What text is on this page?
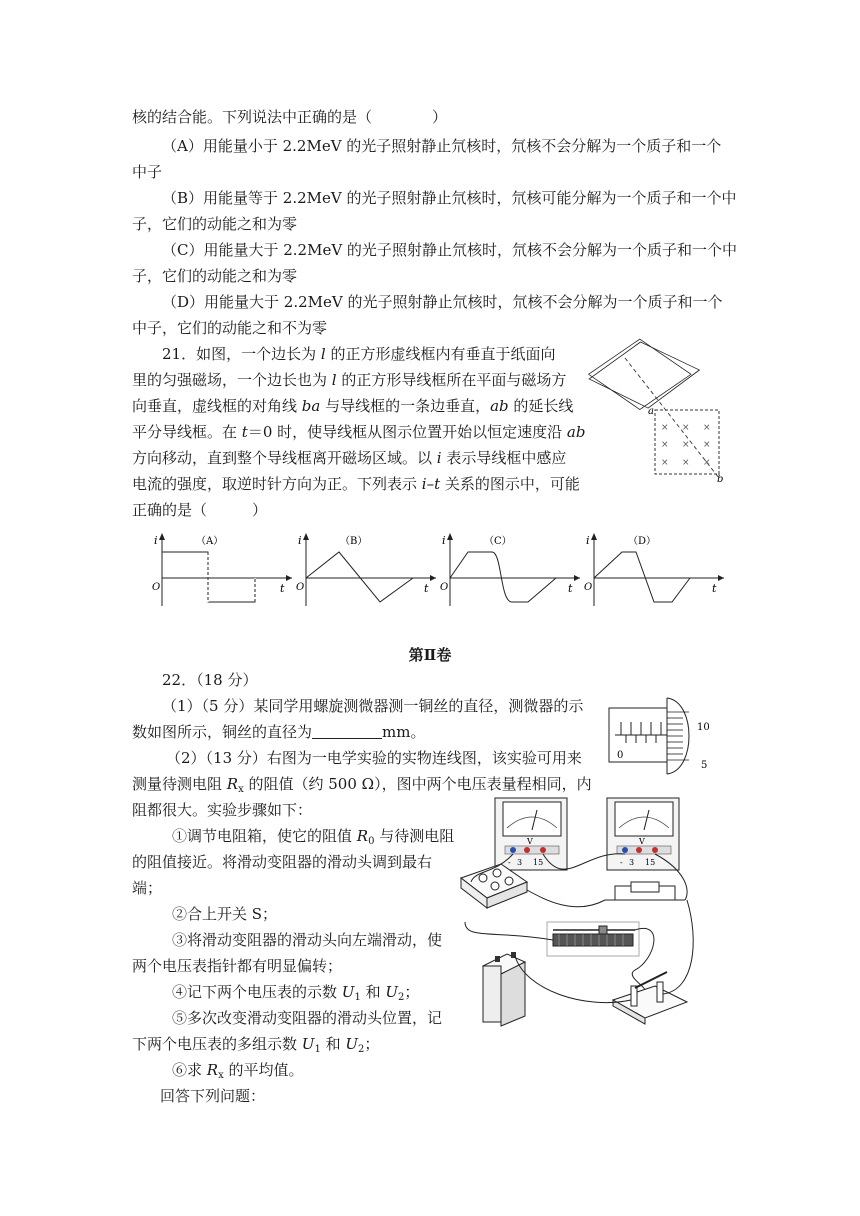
核的结合能。下列说法中正确的是（　　　　）
（A）用能量小于 2.2MeV 的光子照射静止氘核时，氘核不会分解为一个质子和一个
中子
（B）用能量等于 2.2MeV 的光子照射静止氘核时，氘核可能分解为一个质子和一个中
子，它们的动能之和为零
（C）用能量大于 2.2MeV 的光子照射静止氘核时，氘核不会分解为一个质子和一个中
子，它们的动能之和为零
（D）用能量大于 2.2MeV 的光子照射静止氘核时，氘核不会分解为一个质子和一个
中子，它们的动能之和不为零
21．如图，一个边长为 l 的正方形虚线框内有垂直于纸面向
里的匀强磁场，一个边长也为 l 的正方形导线框所在平面与磁场方
向垂直，虚线框的对角线 ba 与导线框的一条边垂直，ab 的延长线
平分导线框。在 t＝0 时，使导线框从图示位置开始以恒定速度沿 ab
方向移动，直到整个导线框离开磁场区域。以 i 表示导线框中感应
电流的强度，取逆时针方向为正。下列表示 i–t 关系的图示中，可能
正确的是（　　　）
× × ×
× × ×
× × ×
a
b
（A）
i
t
O
（B）
i
t
O
（C）
i
t
O
（D）
i
t
O
第Ⅱ卷
22．（18 分）
（1）（5 分）某同学用螺旋测微器测一铜丝的直径，测微器的示
数如图所示，铜丝的直径为	mm。	10
5
0
（2）（13 分）右图为一电学实验的实物连线图，该实验可用来
测量待测电阻 $R_x$ 的阻值（约 500 Ω），图中两个电压表量程相同，内
阻都很大。实验步骤如下：
①调节电阻箱，使它的阻值 $R_0$ 与待测电阻
的阻值接近。将滑动变阻器的滑动头调到最右
端；
②合上开关 S；
③将滑动变阻器的滑动头向左端滑动，使
两个电压表指针都有明显偏转；
④记下两个电压表的示数 $U_1$ 和 $U_2$；
⑤多次改变滑动变阻器的滑动头位置，记
下两个电压表的多组示数 $U_1$ 和 $U_2$；
⑥求 $R_x$ 的平均值。
回答下列问题：
V
3 15
-
V
3 15
-
